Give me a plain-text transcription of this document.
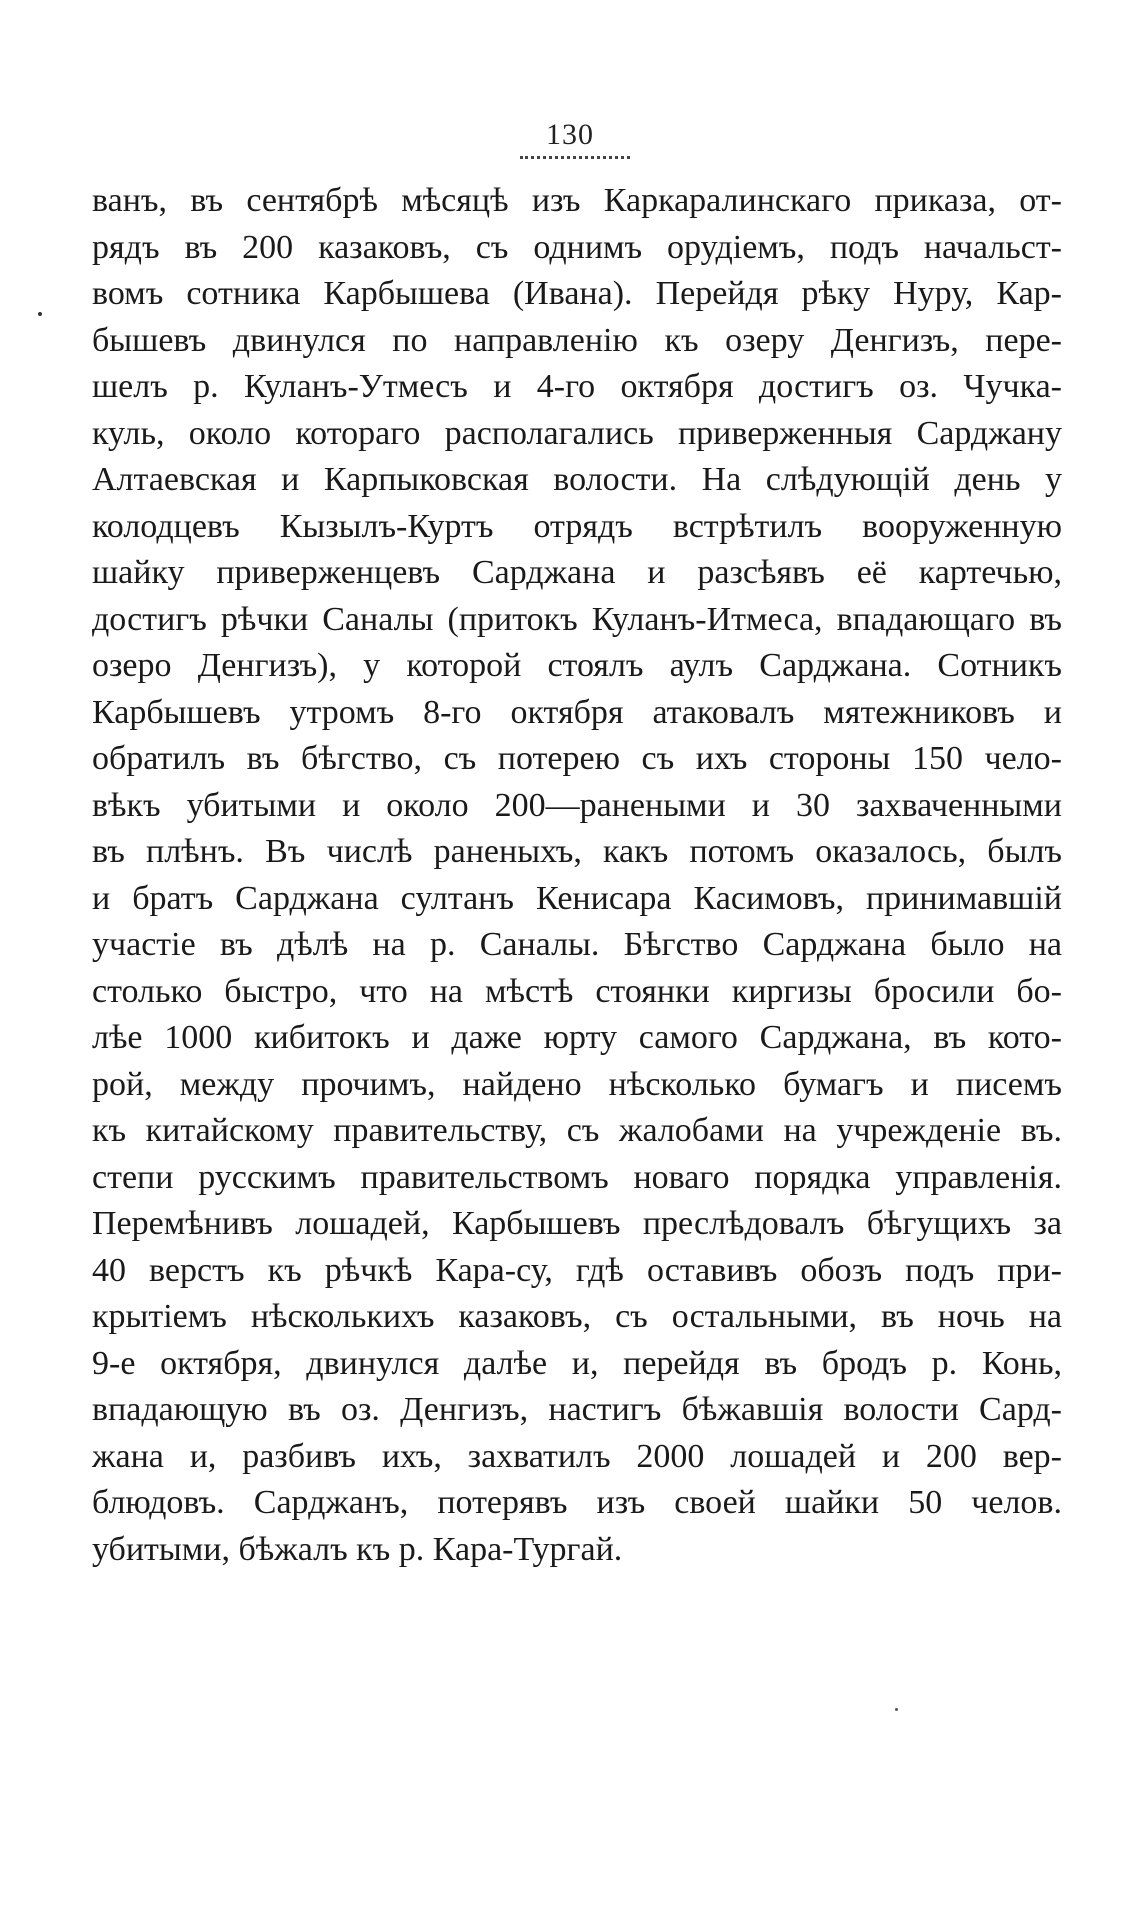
130
ванъ, въ сентябрѣ мѣсяцѣ изъ Каркаралинскаго приказа, от-
рядъ въ 200 казаковъ, съ однимъ орудіемъ, подъ начальст-
вомъ сотника Карбышева (Ивана). Перейдя рѣку Нуру, Кар-
бышевъ двинулся по направленію къ озеру Денгизъ, пере-
шелъ р. Куланъ-Утмесъ и 4-го октября достигъ оз. Чучка-
куль, около котораго располагались приверженныя Сарджану
Алтаевская и Карпыковская волости. На слѣдующій день у
колодцевъ Кызылъ-Куртъ отрядъ встрѣтилъ вооруженную
шайку приверженцевъ Сарджана и разсѣявъ её картечью,
достигъ рѣчки Саналы (притокъ Куланъ-Итмеса, впадающаго въ
озеро Денгизъ), у которой стоялъ аулъ Сарджана. Сотникъ
Карбышевъ утромъ 8-го октября атаковалъ мятежниковъ и
обратилъ въ бѣгство, съ потерею съ ихъ стороны 150 чело-
вѣкъ убитыми и около 200—ранеными и 30 захваченными
въ плѣнъ. Въ числѣ раненыхъ, какъ потомъ оказалось, былъ
и братъ Сарджана султанъ Кенисара Касимовъ, принимавшій
участіе въ дѣлѣ на р. Саналы. Бѣгство Сарджана было на
столько быстро, что на мѣстѣ стоянки киргизы бросили бо-
лѣе 1000 кибитокъ и даже юрту самого Сарджана, въ кото-
рой, между прочимъ, найдено нѣсколько бумагъ и писемъ
къ китайскому правительству, съ жалобами на учрежденіе въ.
степи русскимъ правительствомъ новаго порядка управленія.
Перемѣнивъ лошадей, Карбышевъ преслѣдовалъ бѣгущихъ за
40 верстъ къ рѣчкѣ Кара-су, гдѣ оставивъ обозъ подъ при-
крытіемъ нѣсколькихъ казаковъ, съ остальными, въ ночь на
9-е октября, двинулся далѣе и, перейдя въ бродъ р. Конь,
впадающую въ оз. Денгизъ, настигъ бѣжавшія волости Сард-
жана и, разбивъ ихъ, захватилъ 2000 лошадей и 200 вер-
блюдовъ. Сарджанъ, потерявъ изъ своей шайки 50 челов.
убитыми, бѣжалъ къ р. Кара-Тургай.
